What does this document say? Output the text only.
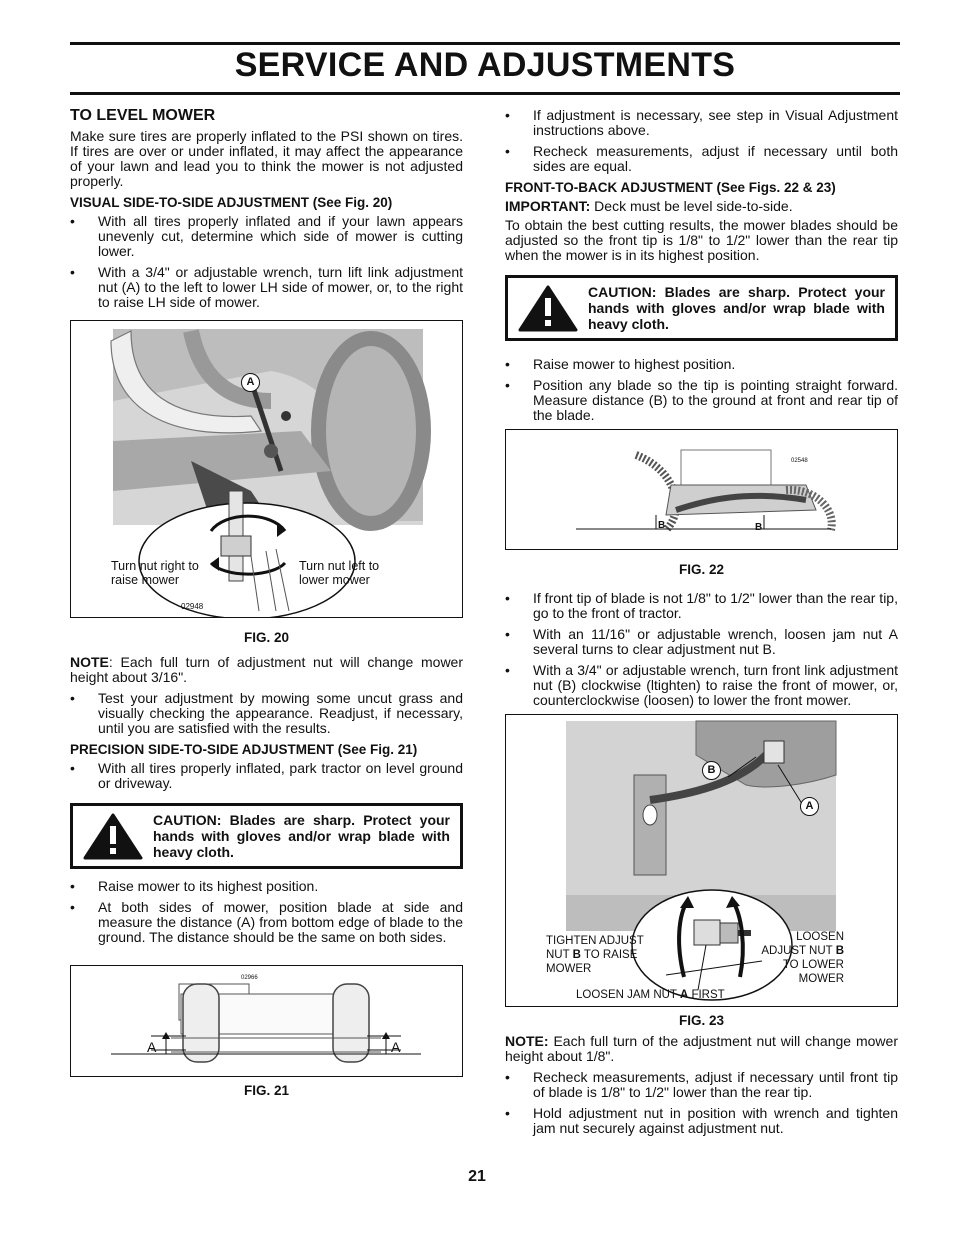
SERVICE AND ADJUSTMENTS
TO LEVEL MOWER

Make sure tires are properly inflated to the PSI shown on tires. If tires are over or under inflated, it may affect the appearance of your lawn and lead you to think the mower is not adjusted properly.

VISUAL SIDE-TO-SIDE ADJUSTMENT (See Fig. 20)
• With all tires properly inflated and if your lawn appears unevenly cut, determine which side of mower is cutting lower.
• With a 3/4" or adjustable wrench, turn lift link adjustment nut (A) to the left to lower LH side of mower, or, to the right to raise LH side of mower.
A
Turn nut right to raise mower
Turn nut left to lower mower
02948
FIG. 20

NOTE: Each full turn of adjustment nut will change mower height about 3/16".

• Test your adjustment by mowing some uncut grass and visually checking the appearance. Readjust, if necessary, until you are satisfied with the results.
PRECISION SIDE-TO-SIDE ADJUSTMENT (See Fig. 21)
• With all tires properly inflated, park tractor on level ground or driveway.
CAUTION: Blades are sharp. Protect your hands with gloves and/or wrap blade with heavy cloth.
• Raise mower to its highest position.
• At both sides of mower, position blade at side and measure the distance (A) from bottom edge of blade to the ground. The distance should be the same on both sides.
A	A
02966
FIG. 21
• If adjustment is necessary, see step in Visual Adjustment instructions above.
• Recheck measurements, adjust if necessary until both sides are equal.
FRONT-TO-BACK ADJUSTMENT (See Figs. 22 & 23)

IMPORTANT: Deck must be level side-to-side.

To obtain the best cutting results, the mower blades should be adjusted so the front tip is 1/8" to 1/2" lower than the rear tip when the mower is in its highest position.

CAUTION: Blades are sharp. Protect your hands with gloves and/or wrap blade with heavy cloth.
• Raise mower to highest position.
• Position any blade so the tip is pointing straight forward. Measure distance (B) to the ground at front and rear tip of the blade.
B	B
02548
FIG. 22
• If front tip of blade is not 1/8" to 1/2" lower than the rear tip, go to the front of tractor.
• With an 11/16" or adjustable wrench, loosen jam nut A several turns to clear adjustment nut B.
• With a 3/4" or adjustable wrench, turn front link adjustment nut (B) clockwise (ltighten) to raise the front of mower, or, counterclockwise (loosen) to lower the front mower.
B
A
TIGHTEN ADJUST NUT B TO RAISE MOWER
LOOSEN ADJUST NUT B TO LOWER MOWER
LOOSEN JAM NUT A FIRST
FIG. 23

NOTE: Each full turn of the adjustment nut will change mower height about 1/8".

• Recheck measurements, adjust if necessary until front tip of blade is 1/8" to 1/2" lower than the rear tip.
• Hold adjustment nut in position with wrench and tighten jam nut securely against adjustment nut.
21
